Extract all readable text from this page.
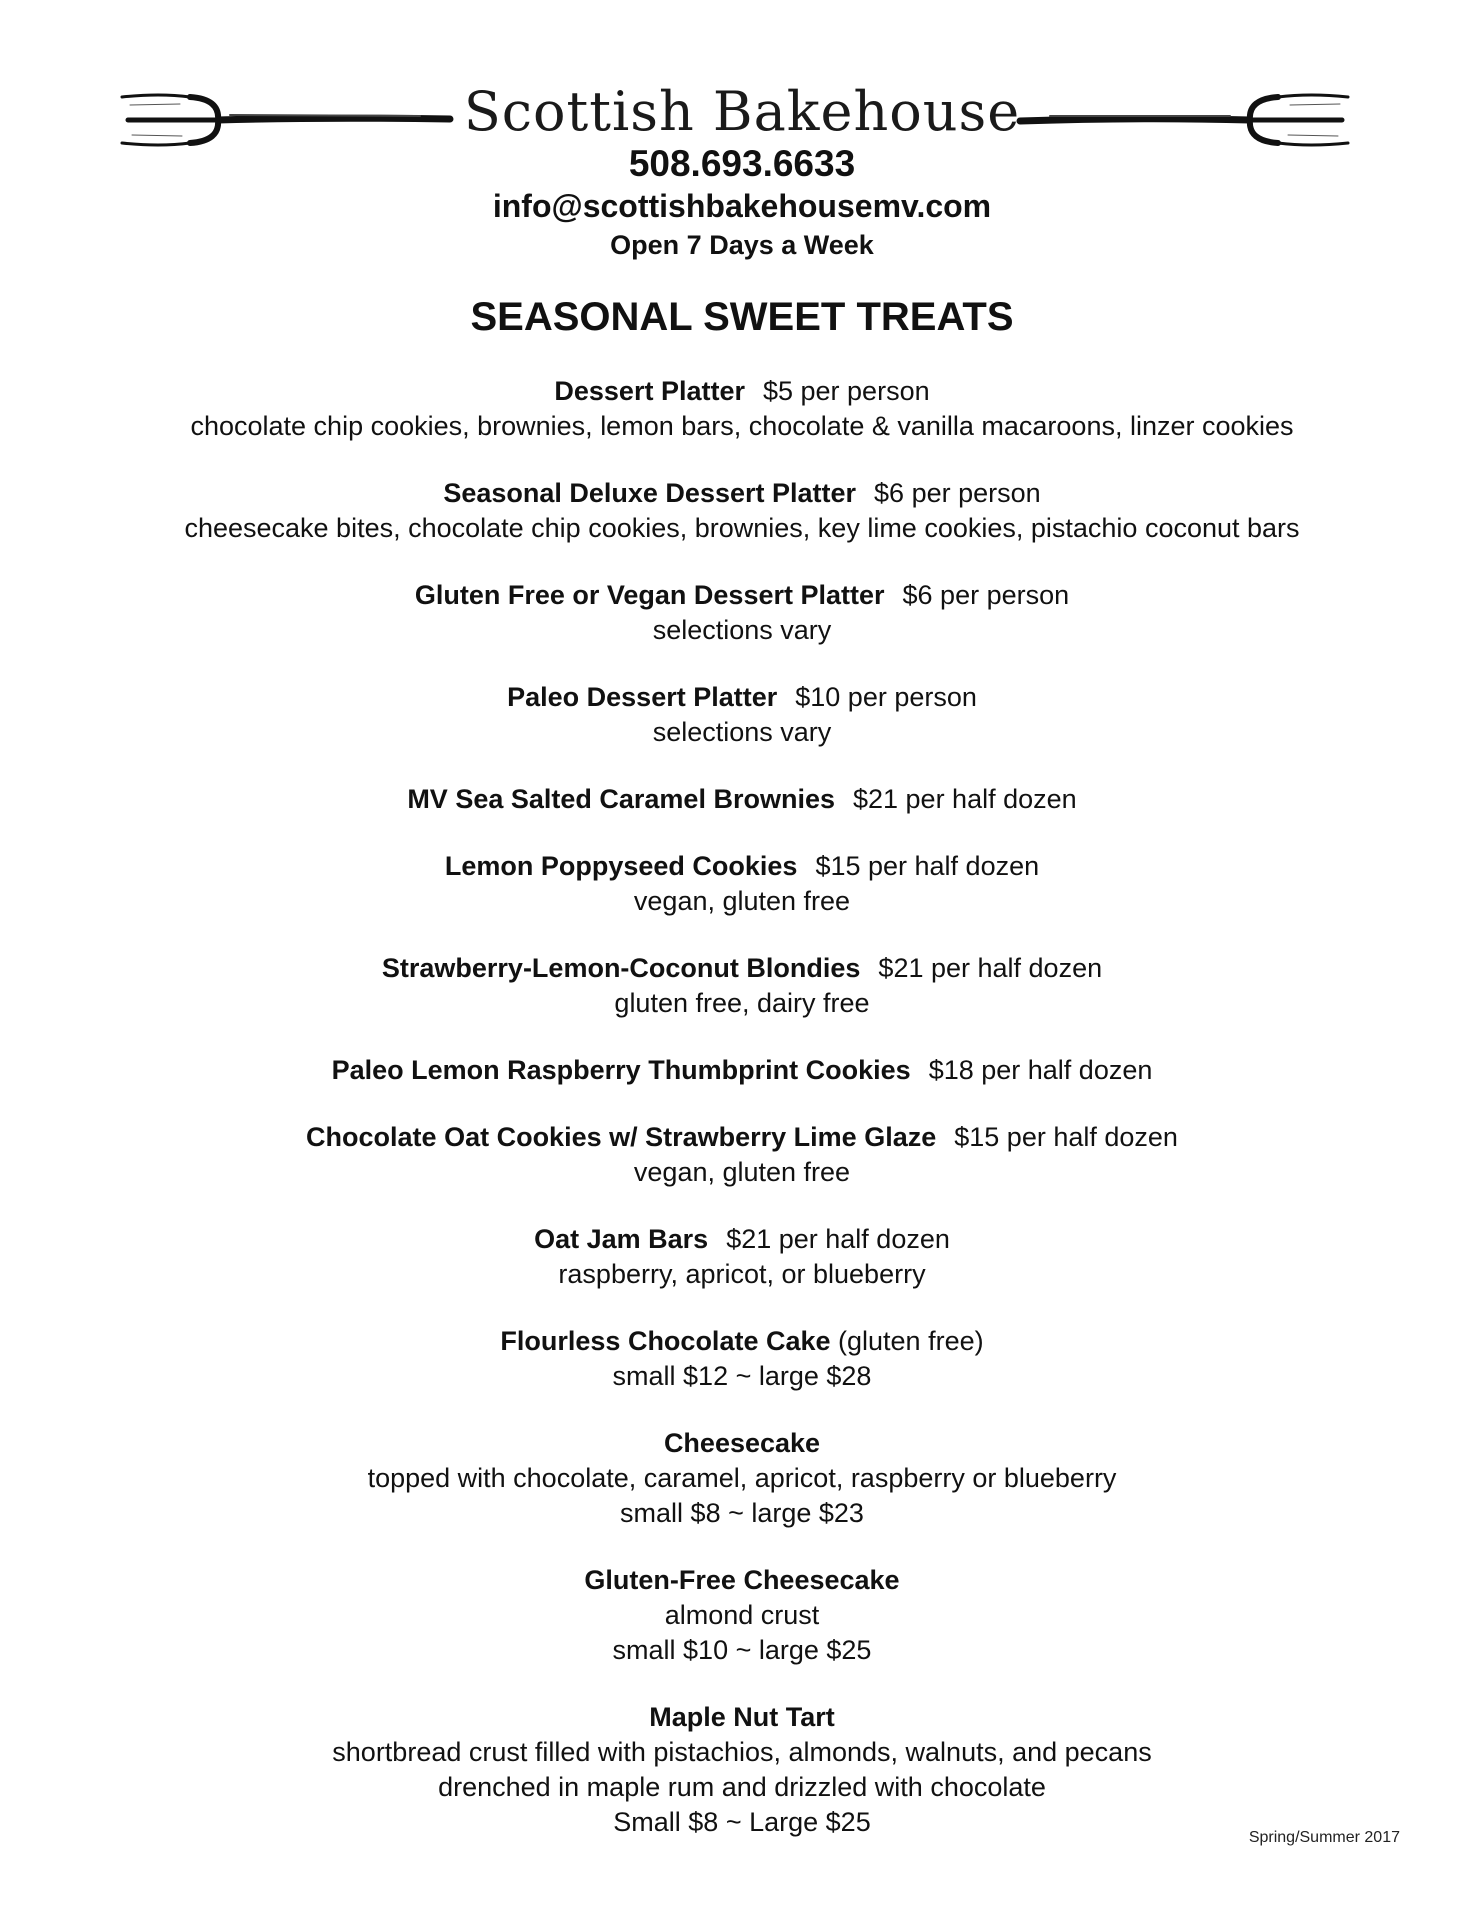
Scottish Bakehouse
508.693.6633
info@scottishbakehousemv.com
Open 7 Days a Week
SEASONAL SWEET TREATS
Dessert Platter $5 per person
chocolate chip cookies, brownies, lemon bars, chocolate & vanilla macaroons, linzer cookies
Seasonal Deluxe Dessert Platter $6 per person
cheesecake bites, chocolate chip cookies, brownies, key lime cookies, pistachio coconut bars
Gluten Free or Vegan Dessert Platter $6 per person
selections vary
Paleo Dessert Platter $10 per person
selections vary
MV Sea Salted Caramel Brownies $21 per half dozen
Lemon Poppyseed Cookies $15 per half dozen
vegan, gluten free
Strawberry-Lemon-Coconut Blondies $21 per half dozen
gluten free, dairy free
Paleo Lemon Raspberry Thumbprint Cookies $18 per half dozen
Chocolate Oat Cookies w/ Strawberry Lime Glaze $15 per half dozen
vegan, gluten free
Oat Jam Bars $21 per half dozen
raspberry, apricot, or blueberry
Flourless Chocolate Cake (gluten free)
small $12 ~ large $28
Cheesecake
topped with chocolate, caramel, apricot, raspberry or blueberry
small $8 ~ large $23
Gluten-Free Cheesecake
almond crust
small $10 ~ large $25
Maple Nut Tart
shortbread crust filled with pistachios, almonds, walnuts, and pecans
drenched in maple rum and drizzled with chocolate
Small $8 ~ Large $25
Spring/Summer 2017
